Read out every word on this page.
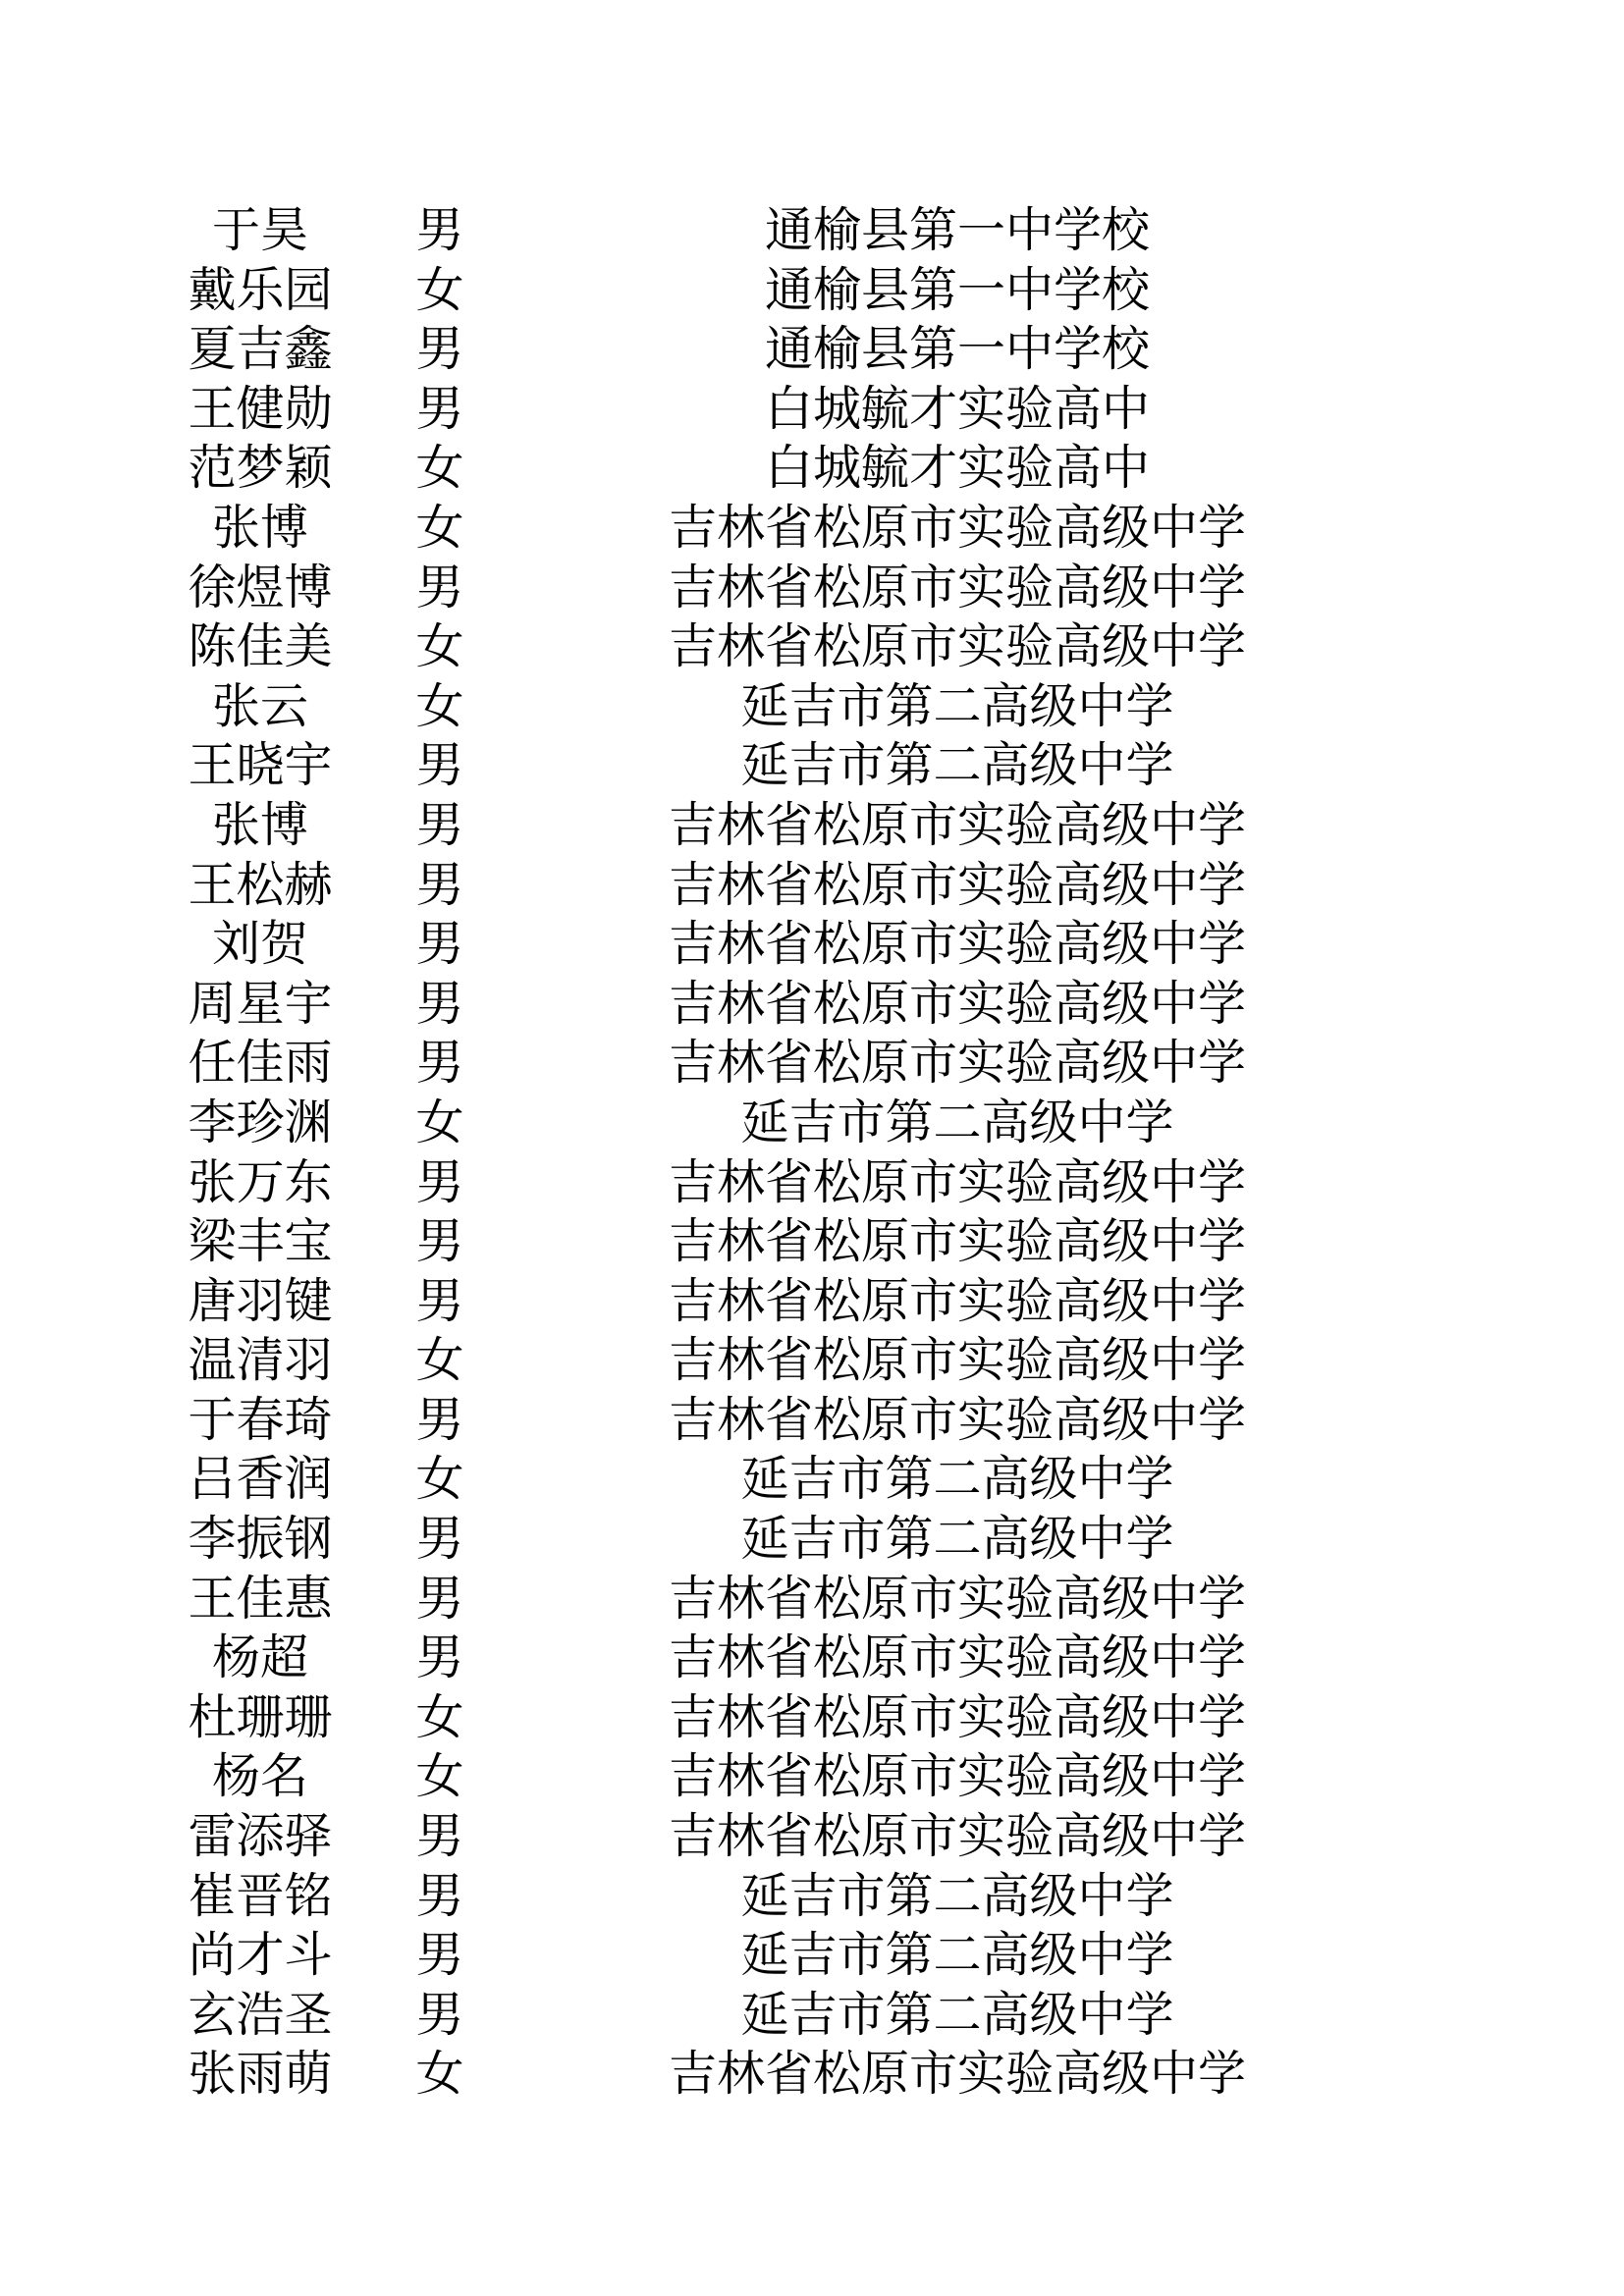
于昊 男	通榆县第一中学校
戴乐园 女	通榆县第一中学校
夏吉鑫 男	通榆县第一中学校
王健勋 男	白城毓才实验高中
范梦颖 女	白城毓才实验高中
张博 女	吉林省松原市实验高级中学
徐煜博 男	吉林省松原市实验高级中学
陈佳美 女	吉林省松原市实验高级中学
张云 女	延吉市第二高级中学
王晓宇 男	延吉市第二高级中学
张博 男	吉林省松原市实验高级中学
王松赫 男	吉林省松原市实验高级中学
刘贺 男	吉林省松原市实验高级中学
周星宇 男	吉林省松原市实验高级中学
任佳雨 男	吉林省松原市实验高级中学
李珍渊 女	延吉市第二高级中学
张万东 男	吉林省松原市实验高级中学
梁丰宝 男	吉林省松原市实验高级中学
唐羽键 男	吉林省松原市实验高级中学
温清羽 女	吉林省松原市实验高级中学
于春琦 男	吉林省松原市实验高级中学
吕香润 女	延吉市第二高级中学
李振钢 男	延吉市第二高级中学
王佳惠 男	吉林省松原市实验高级中学
杨超 男	吉林省松原市实验高级中学
杜珊珊 女	吉林省松原市实验高级中学
杨名 女	吉林省松原市实验高级中学
雷添驿 男	吉林省松原市实验高级中学
崔晋铭 男	延吉市第二高级中学
尚才斗 男	延吉市第二高级中学
玄浩圣 男	延吉市第二高级中学
张雨萌 女	吉林省松原市实验高级中学
